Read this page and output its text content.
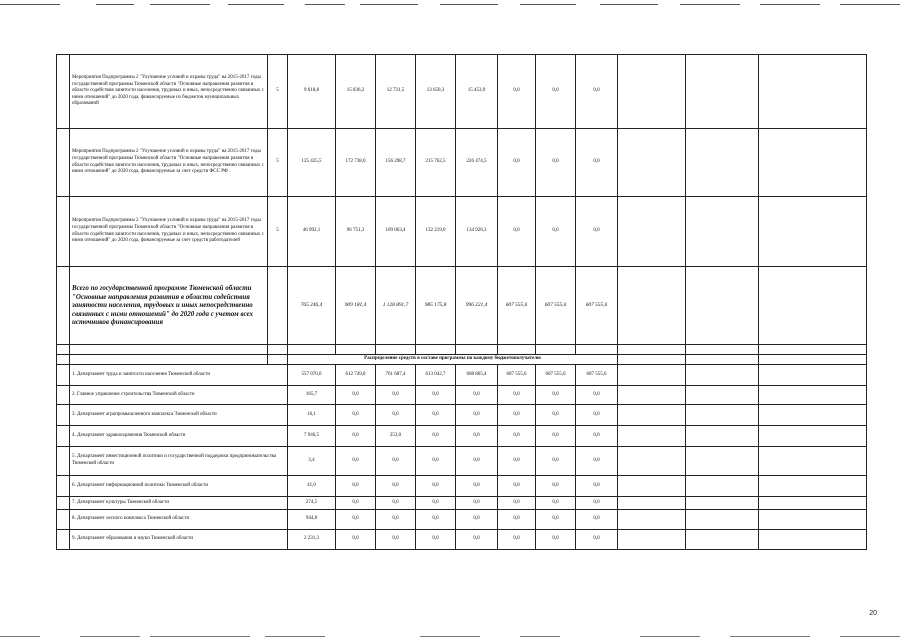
	Мероприятия Подпрограммы 2 "Улучшение условий и охраны труда" на 2015-2017 годы государственной программы Тюменской области "Основные направления развития в области содействия занятости населения, трудовых и иных, непосредственно связанных с ними отношений" до 2020 года, финансируемые из бюджетов муниципальных образований	5	9 618,8	15 836,2	12 731,5	13 650,3	15 453,9	0,0	0,0	0,0			
	Мероприятия Подпрограммы 2 "Улучшение условий и охраны труда" на 2015-2017 годы государственной программы Тюменской области "Основные направления развития в области содействия занятости населения, трудовых и иных, непосредственно связанных с ними отношений" до 2020 года, финансируемые за счет средств ФСС РФ	5	125 425,5	172 738,0	156 298,7	215 762,5	226 474,5	0,0	0,0	0,0			
	Мероприятия Подпрограммы 2 "Улучшение условий и охраны труда" на 2015-2017 годы государственной программы Тюменской области "Основные направления развития в области содействия занятости населения, трудовых и иных, непосредственно связанных с ними отношений" до 2020 года, финансируемые за счет средств работодателей	5	46 992,1	96 751,3	109 063,4	132 219,0	134 926,3	0,0	0,0	0,0			
	Всего по государственной программе Тюменской области "Основные направления развития в области содействия занятости населения, трудовых и иных непосредственно связанных с ними отношений" до 2020 года с учетом всех источников финансирования		765 246,4	909 181,4	1 128 891,7	985 175,8	996 221,4	607 555,6	607 555,6	607 555,6			

			Распределение средств в составе программы по каждому бюджетополучателю										
	1. Департамент труда и занятости населения Тюменской области		557 070,0	612 749,8	761 687,4	613 042,7	608 865,4	607 555,6	607 555,6	607 555,6			
	2. Главное управление строительства Тюменской области		165,7	0,0	0,0	0,0	0,0	0,0	0,0	0,0			
	3. Департамент агропромышленного комплекса Тюменской области		16,1	0,0	0,0	0,0	0,0	0,0	0,0	0,0			
	4. Департамент здравоохранения Тюменской области		7 946,5	0,0	253,0	0,0	0,0	0,0	0,0	0,0			
	5. Департамент инвестиционной политики и государственной поддержки предпринимательства Тюменской области		3,4	0,0	0,0	0,0	0,0	0,0	0,0	0,0			
	6. Департамент информационной политики Тюменской области		41,0	0,0	0,0	0,0	0,0	0,0	0,0	0,0			
	7. Департамент культуры Тюменской области		274,5	0,0	0,0	0,0	0,0	0,0	0,0	0,0			
	8. Департамент лесного комплекса Тюменской области		944,8	0,0	0,0	0,0	0,0	0,0	0,0	0,0			
	9. Департамент образования и науки Тюменской области		2 231,3	0,0	0,0	0,0	0,0	0,0	0,0	0,0			
20
